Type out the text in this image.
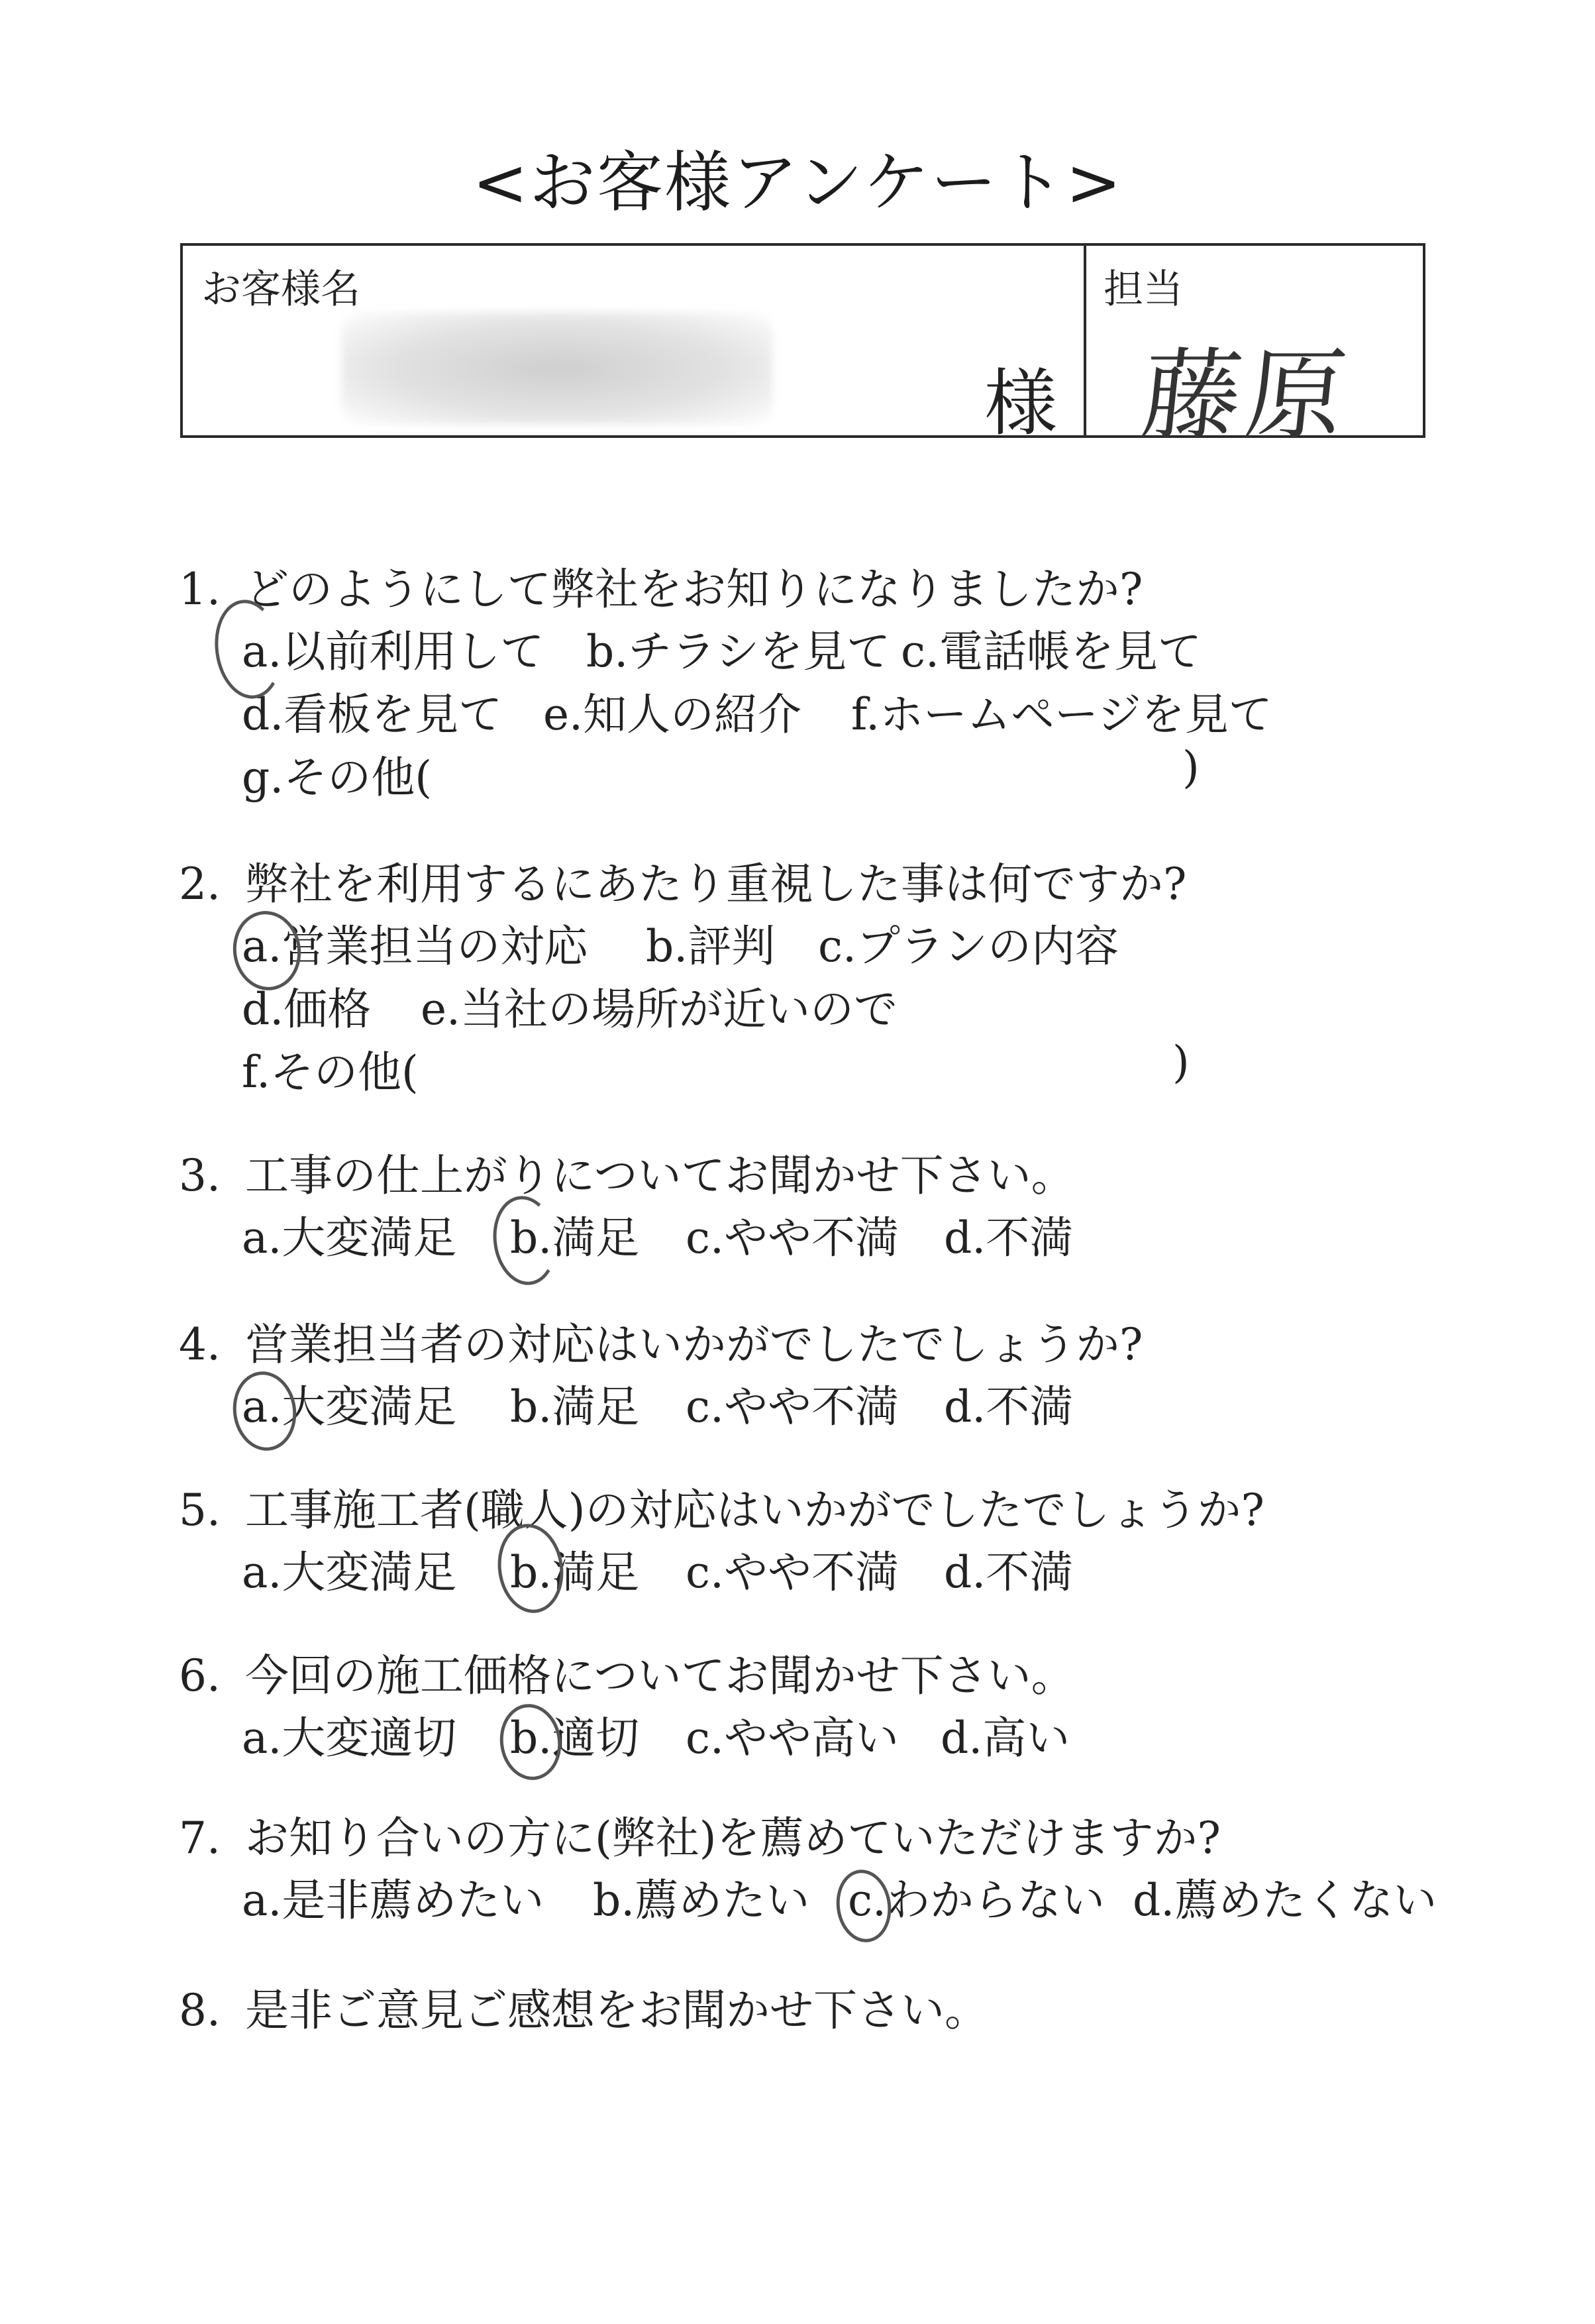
<お客様アンケート>
お客様名
様
担当
藤原
1. どのようにして弊社をお知りになりましたか?
a.以前利用して b.チラシを見て c.電話帳を見て
d.看板を見て e.知人の紹介 f.ホームページを見て
g.その他(	)
2. 弊社を利用するにあたり重視した事は何ですか?
a.営業担当の対応 b.評判 c.プランの内容
d.価格 e.当社の場所が近いので
f.その他(	)
3. 工事の仕上がりについてお聞かせ下さい。
a.大変満足 b.満足 c.やや不満 d.不満
4. 営業担当者の対応はいかがでしたでしょうか?
a.大変満足 b.満足 c.やや不満 d.不満
5. 工事施工者(職人)の対応はいかがでしたでしょうか?
a.大変満足 b.満足 c.やや不満 d.不満
6. 今回の施工価格についてお聞かせ下さい。
a.大変適切 b.適切 c.やや高い d.高い
7. お知り合いの方に(弊社)を薦めていただけますか?
a.是非薦めたい b.薦めたい c.わからない d.薦めたくない
8. 是非ご意見ご感想をお聞かせ下さい。
